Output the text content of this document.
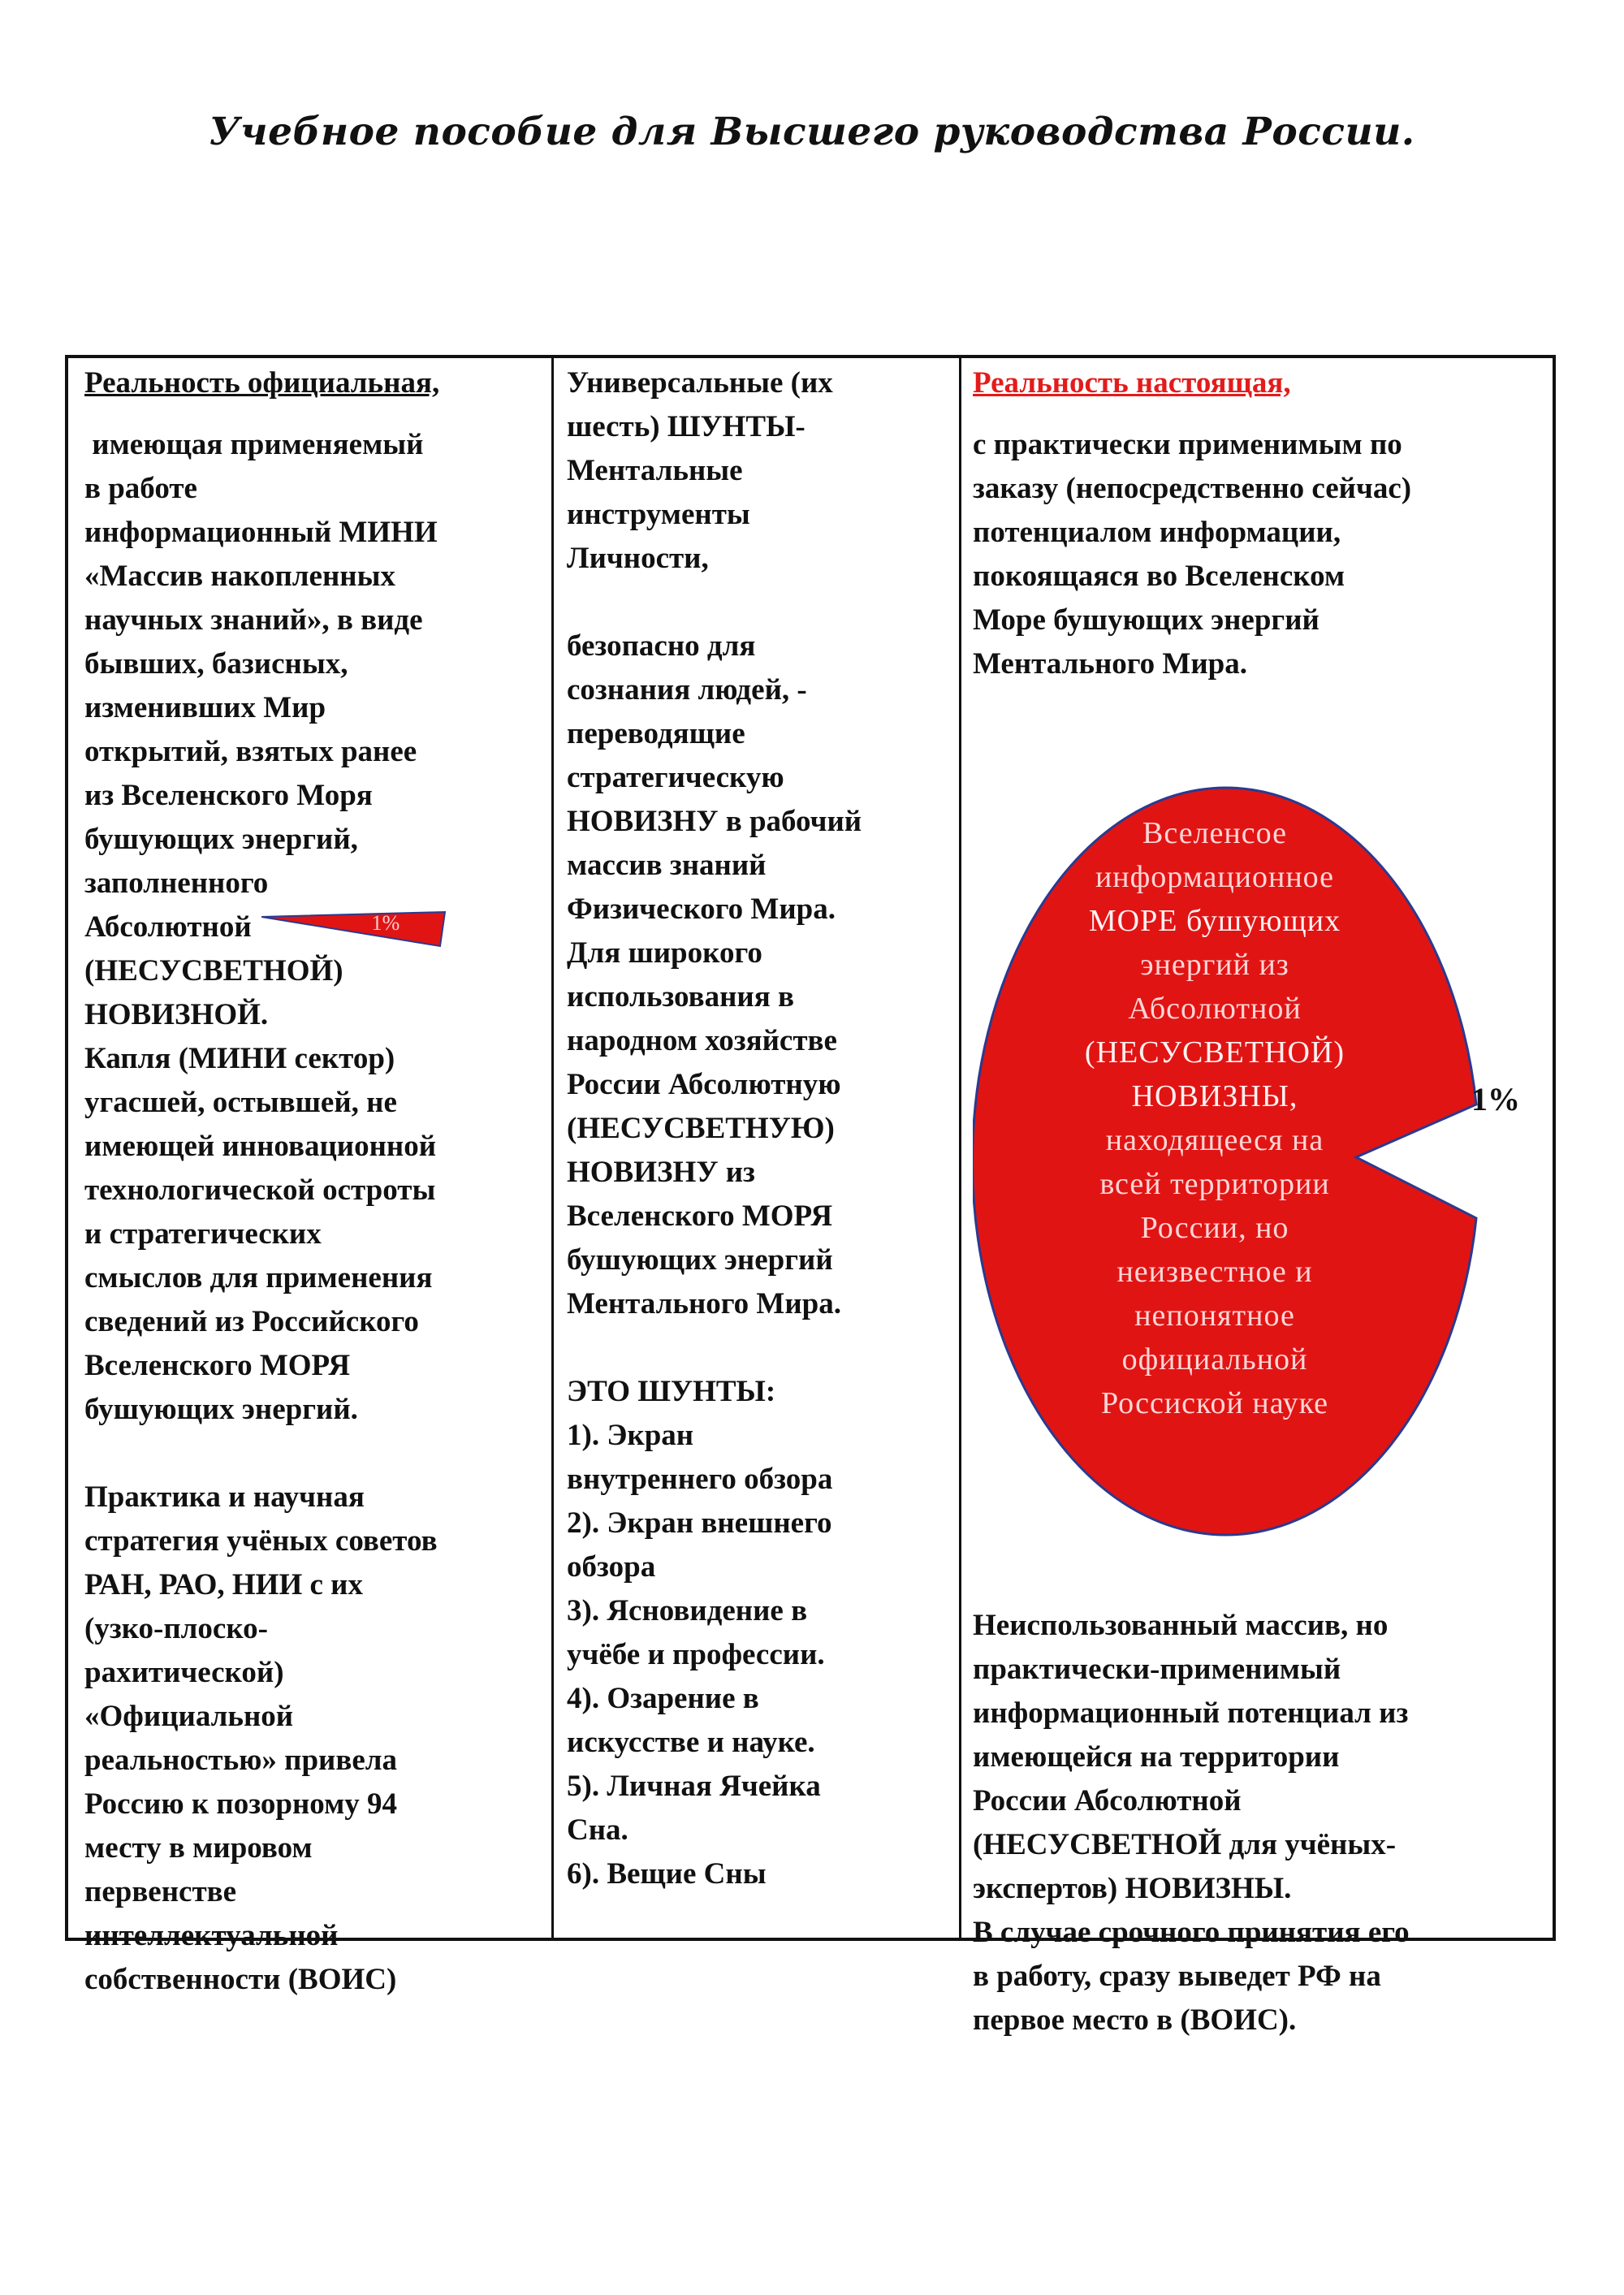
Учебное пособие для Высшего руководства России.

Реальность официальная,

имеющая применяемый

в работе

информационный МИНИ

«Массив накопленных

научных знаний», в виде

бывших, базисных,

изменивших Мир

открытий, взятых ранее

из Вселенского Моря

бушующих энергий,

заполненного

Абсолютной	1%

(НЕСУСВЕТНОЙ)

НОВИЗНОЙ.

Капля (МИНИ сектор)

угасшей, остывшей, не

имеющей инновационной

технологической остроты

и стратегических

смыслов для применения

сведений из Российского

Вселенского МОРЯ

бушующих энергий.

Практика и научная

стратегия учёных советов

РАН, РАО, НИИ с их

(узко-плоско-

рахитической)

«Официальной

реальностью» привела

Россию к позорному 94

месту в мировом

первенстве

интеллектуальной

собственности (ВОИС)

Универсальные (их

шесть) ШУНТЫ-

Ментальные

инструменты

Личности,

безопасно для

сознания людей, -

переводящие

стратегическую

НОВИЗНУ в рабочий

массив знаний

Физического Мира.

Для широкого

использования в

народном хозяйстве

России Абсолютную

(НЕСУСВЕТНУЮ)

НОВИЗНУ из

Вселенского МОРЯ

бушующих энергий

Ментального Мира.

ЭТО ШУНТЫ:

1). Экран

внутреннего обзора

2). Экран внешнего

обзора

3). Ясновидение в

учёбе и профессии.

4). Озарение в

искусстве и науке.

5). Личная Ячейка

Сна.

6). Вещие Сны

Реальность настоящая,

с практически применимым по

заказу (непосредственно сейчас)

потенциалом информации,

покоящаяся во Вселенском

Море бушующих энергий

Ментального Мира.

Вселенсое
информационное
МОРЕ бушующих
энергий из
Абсолютной
(НЕСУСВЕТНОЙ)
НОВИЗНЫ,
находящееся на
всей территории
России, но
неизвестное и
непонятное
официальной
Россиской науке
1%

Неиспользованный массив, но

практически-применимый

информационный потенциал из

имеющейся на территории

России Абсолютной

(НЕСУСВЕТНОЙ для учёных-

экспертов) НОВИЗНЫ.

В случае срочного принятия его

в работу, сразу выведет РФ на

первое место в (ВОИС).
